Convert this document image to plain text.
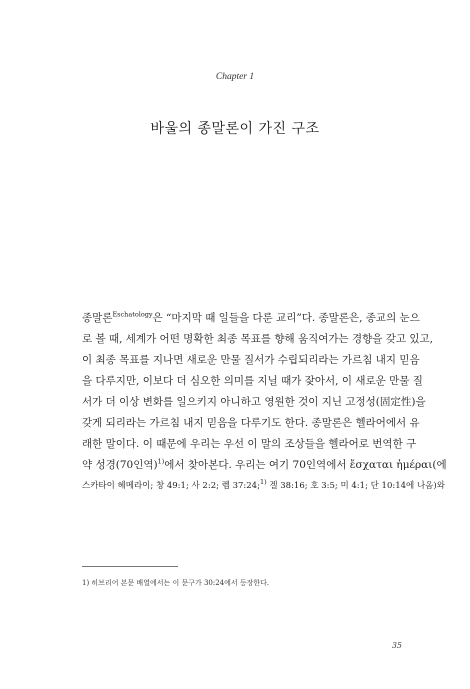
Chapter 1
바울의 종말론이 가진 구조
종말론$^{Eschatology}$은 “마지막 때 일들을 다룬 교리”다. 종말론은, 종교의 눈으
로 볼 때, 세계가 어떤 명확한 최종 목표를 향해 움직여가는 경향을 갖고 있고,
이 최종 목표를 지나면 새로운 만물 질서가 수립되리라는 가르침 내지 믿음
을 다루지만, 이보다 더 심오한 의미를 지닐 때가 잦아서, 이 새로운 만물 질
서가 더 이상 변화를 일으키지 아니하고 영원한 것이 지닌 고정성(固定性)을
갖게 되리라는 가르침 내지 믿음을 다루기도 한다. 종말론은 헬라어에서 유
래한 말이다. 이 때문에 우리는 우선 이 말의 조상들을 헬라어로 번역한 구
약 성경(70인역)$^{1)}$에서 찾아본다. 우리는 여기 70인역에서 ἔσχαται ἡμέραι(에
스카타이 헤메라이; 창 49:1; 사 2:2; 렘 37:24;$^{1)}$ 겔 38:16; 호 3:5; 미 4:1; 단 10:14에 나옴)와
1) 히브리어 본문 배열에서는 이 문구가 30:24에서 등장한다.
35
